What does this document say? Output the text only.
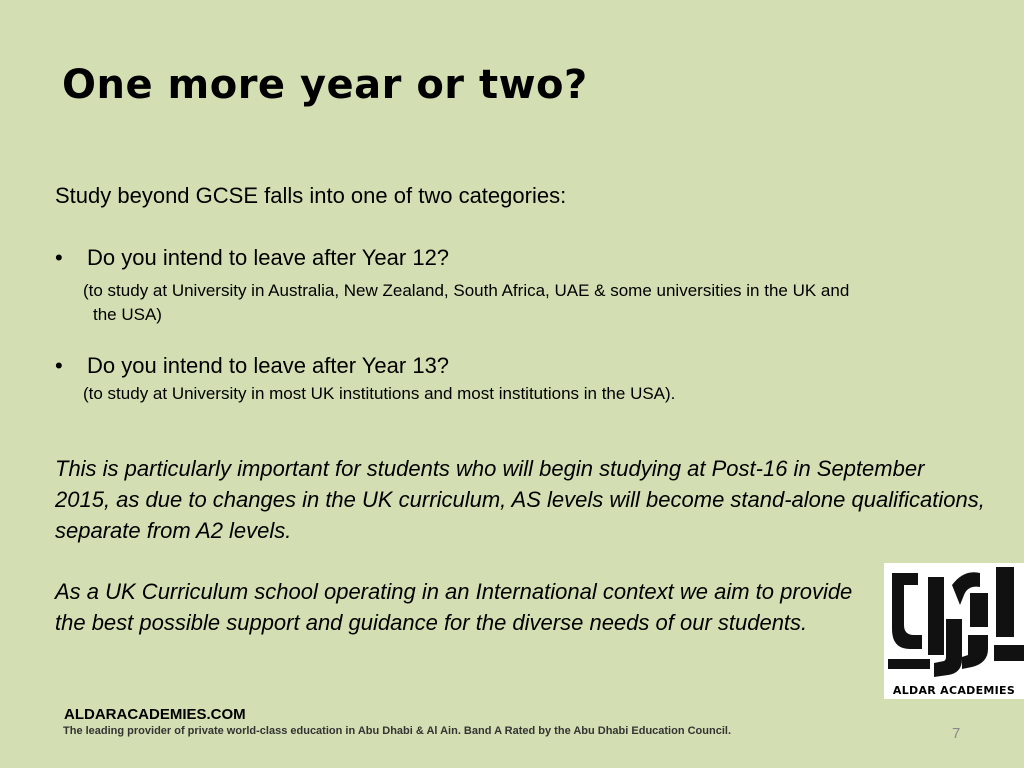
One more year or two?
Study beyond GCSE falls into one of two categories:
•	Do you intend to leave after Year 12?
(to study at University in Australia, New Zealand, South Africa, UAE & some universities in the UK and
the USA)
•	Do you intend to leave after Year 13?
(to study at University in most UK institutions and most institutions in the USA).

This is particularly important for students who will begin studying at Post-16 in September 2015, as due to changes in the UK curriculum, AS levels will become stand-alone qualifications, separate from A2 levels.

As a UK Curriculum school operating in an International context we aim to provide the best possible support and guidance for the diverse needs of our students.

ALDAR ACADEMIES
ALDARACADEMIES.COM
The leading provider of private world-class education in Abu Dhabi & Al Ain. Band A Rated by the Abu Dhabi Education Council.	7
